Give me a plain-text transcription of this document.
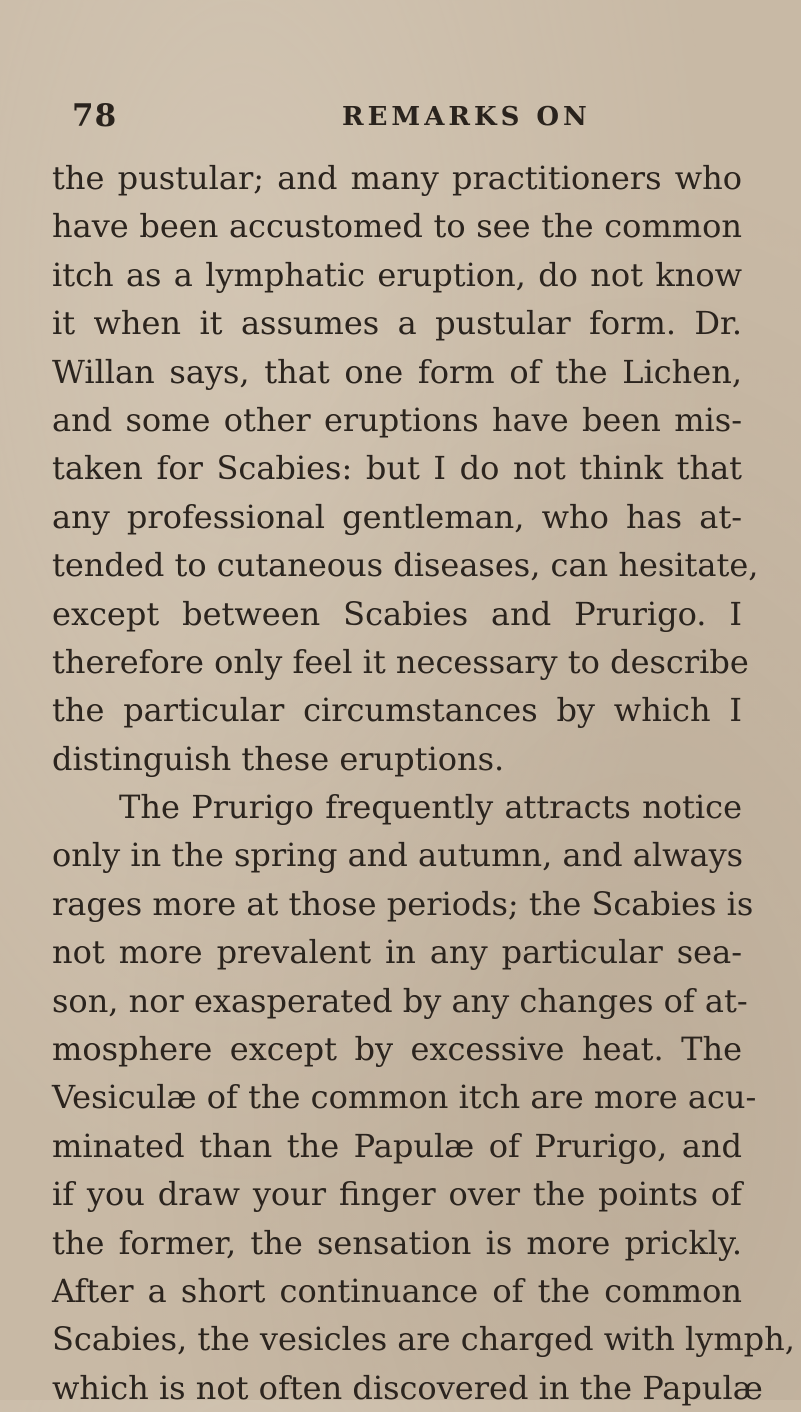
78	REMARKS ON
the pustular; and many practitioners who
have been accustomed to see the common
itch as a lymphatic eruption, do not know
it when it assumes a pustular form. Dr.
Willan says, that one form of the Lichen,
and some other eruptions have been mis-
taken for Scabies: but I do not think that
any professional gentleman, who has at-
tended to cutaneous diseases, can hesitate,
except between Scabies and Prurigo. I
therefore only feel it necessary to describe
the particular circumstances by which I
distinguish these eruptions.
The Prurigo frequently attracts notice
only in the spring and autumn, and always
rages more at those periods; the Scabies is
not more prevalent in any particular sea-
son, nor exasperated by any changes of at-
mosphere except by excessive heat. The
Vesiculæ of the common itch are more acu-
minated than the Papulæ of Prurigo, and
if you draw your finger over the points of
the former, the sensation is more prickly.
After a short continuance of the common
Scabies, the vesicles are charged with lymph,
which is not often discovered in the Papulæ
